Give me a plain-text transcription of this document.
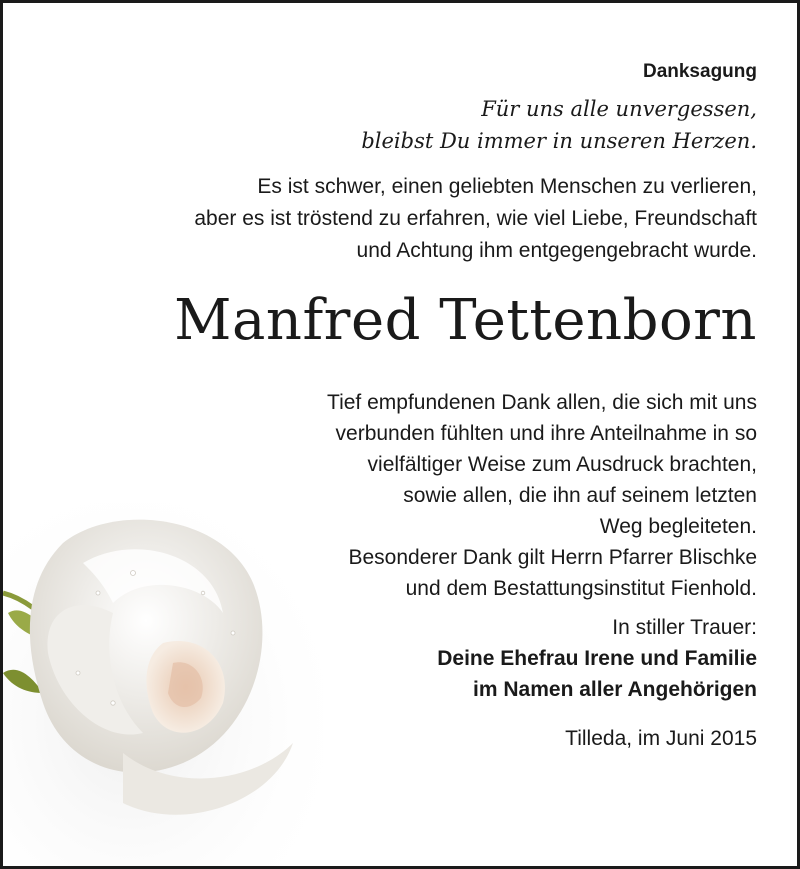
Danksagung
Für uns alle unvergessen,
bleibst Du immer in unseren Herzen.
Es ist schwer, einen geliebten Menschen zu verlieren,
aber es ist tröstend zu erfahren, wie viel Liebe, Freundschaft
und Achtung ihm entgegengebracht wurde.
Manfred Tettenborn
Tief empfundenen Dank allen, die sich mit uns
verbunden fühlten und ihre Anteilnahme in so
vielfältiger Weise zum Ausdruck brachten,
sowie allen, die ihn auf seinem letzten
Weg begleiteten.
Besonderer Dank gilt Herrn Pfarrer Blischke
und dem Bestattungsinstitut Fienhold.
In stiller Trauer:
Deine Ehefrau Irene und Familie
im Namen aller Angehörigen
Tilleda, im Juni 2015
